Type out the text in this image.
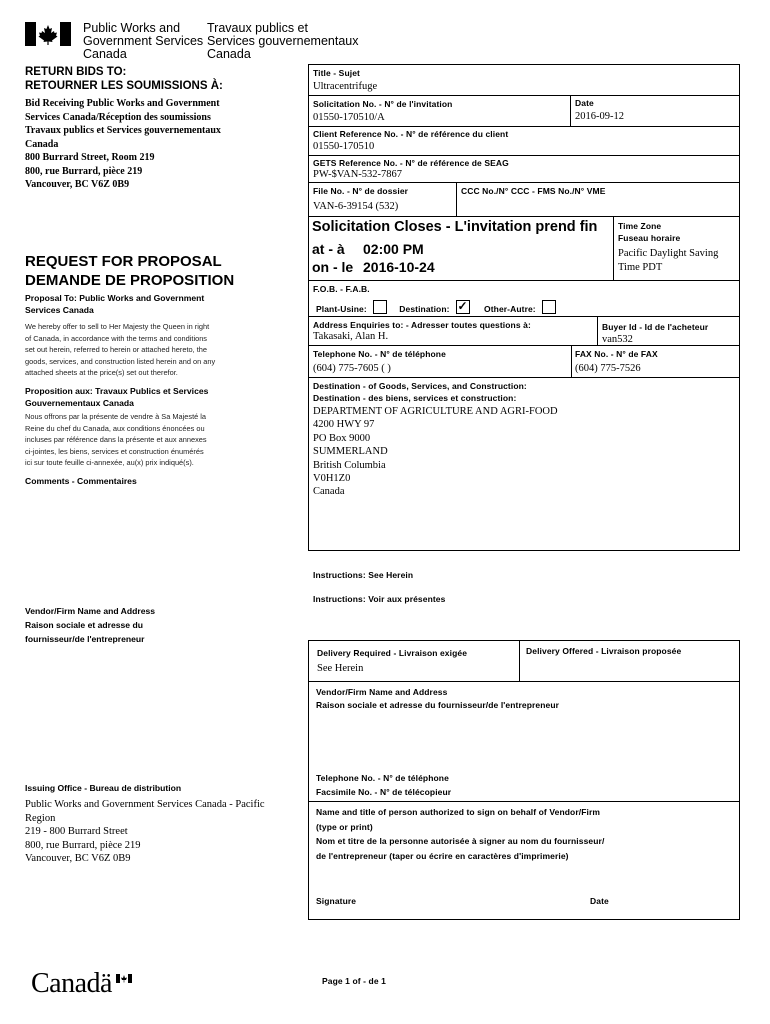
Public Works and
Government Services
Canada
Travaux publics et
Services gouvernementaux
Canada
RETURN BIDS TO:
RETOURNER LES SOUMISSIONS À:
Bid Receiving Public Works and Government
Services Canada/Réception des soumissions
Travaux publics et Services gouvernementaux
Canada
800 Burrard Street, Room 219
800, rue Burrard, pièce 219
Vancouver, BC V6Z 0B9
REQUEST FOR PROPOSAL
DEMANDE DE PROPOSITION
Proposal To: Public Works and Government
Services Canada
We hereby offer to sell to Her Majesty the Queen in right
of Canada, in accordance with the terms and conditions
set out herein, referred to herein or attached hereto, the
goods, services, and construction listed herein and on any
attached sheets at the price(s) set out therefor.
Proposition aux: Travaux Publics et Services
Gouvernementaux Canada
Nous offrons par la présente de vendre à Sa Majesté la
Reine du chef du Canada, aux conditions énoncées ou
incluses par référence dans la présente et aux annexes
ci-jointes, les biens, services et construction énumérés
ici sur toute feuille ci-annexée, au(x) prix indiqué(s).
Comments - Commentaires
Vendor/Firm Name and Address
Raison sociale et adresse du
fournisseur/de l'entrepreneur
Issuing Office - Bureau de distribution
Public Works and Government Services Canada - Pacific
Region
219 - 800 Burrard Street
800, rue Burrard, pièce 219
Vancouver, BC V6Z 0B9
Title - Sujet
Ultracentrifuge
Solicitation No. - N° de l'invitation
01550-170510/A
Date
2016-09-12
Client Reference No. - N° de référence du client
01550-170510
GETS Reference No. - N° de référence de SEAG
PW-$VAN-532-7867
File No. - N° de dossier
VAN-6-39154 (532)
CCC No./N° CCC - FMS No./N° VME
Solicitation Closes - L'invitation prend fin
at - à 02:00 PM
on - le 2016-10-24
Time Zone
Fuseau horaire
Pacific Daylight Saving
Time PDT
F.O.B. - F.A.B.
Plant-Usine:	Destination: ✓ Other-Autre:
Address Enquiries to: - Adresser toutes questions à:
Takasaki, Alan H.
Buyer Id - Id de l'acheteur
van532
Telephone No. - N° de téléphone
(604) 775-7605 ( )
FAX No. - N° de FAX
(604) 775-7526
Destination - of Goods, Services, and Construction:
Destination - des biens, services et construction:
DEPARTMENT OF AGRICULTURE AND AGRI-FOOD
4200 HWY 97
PO Box 9000
SUMMERLAND
British Columbia
V0H1Z0
Canada
Instructions: See Herein
Instructions: Voir aux présentes
Delivery Required - Livraison exigée
See Herein
Delivery Offered - Livraison proposée
Vendor/Firm Name and Address
Raison sociale et adresse du fournisseur/de l'entrepreneur
Telephone No. - N° de téléphone
Facsimile No. - N° de télécopieur
Name and title of person authorized to sign on behalf of Vendor/Firm
(type or print)
Nom et titre de la personne autorisée à signer au nom du fournisseur/
de l'entrepreneur (taper ou écrire en caractères d'imprimerie)
Signature	Date
Canadä	Page 1 of - de 1
